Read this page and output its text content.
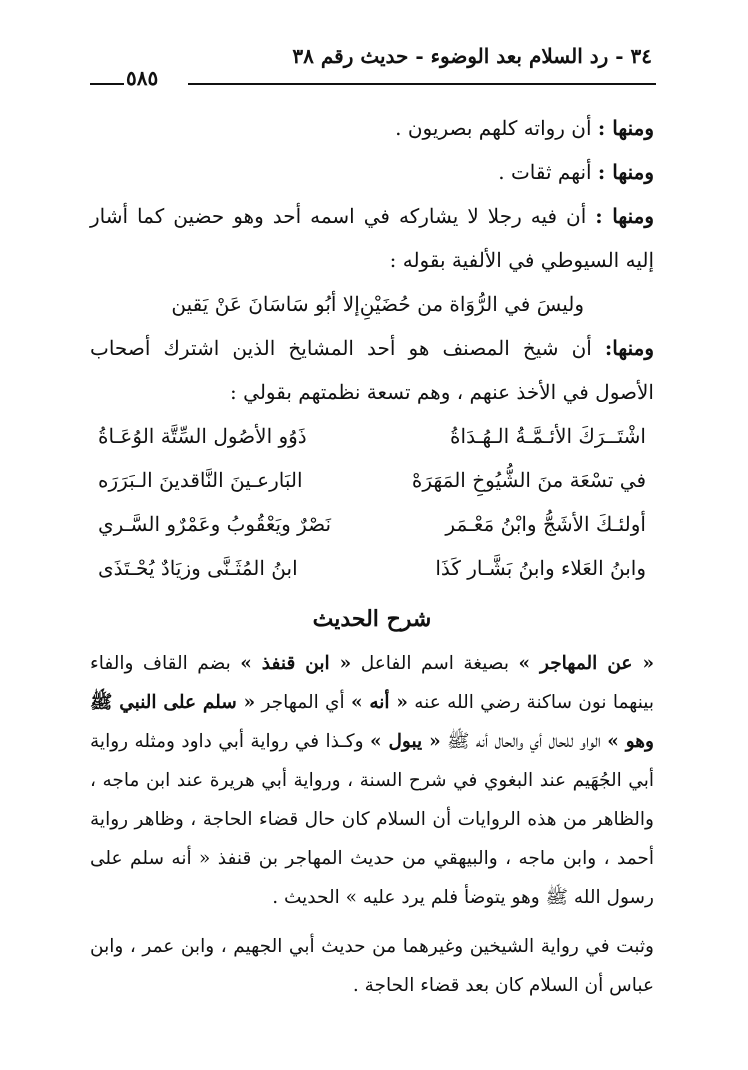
٣٤ - رد السلام بعد الوضوء - حديث رقم ٣٨
٥٨٥

ومنها : أن رواته كلهم بصريون .

ومنها : أنهم ثقات .

ومنها : أن فيه رجلا لا يشاركه في اسمه أحد وهو حضين كما أشار إليه السيوطي في الألفية بقوله :

وليسَ في الرُّوَاة من حُضَيْنِ
إلا أبُو سَاسَانَ عَنْ يَقين

ومنها: أن شيخ المصنف هو أحد المشايخ الذين اشترك أصحاب الأصول في الأخذ عنهم ، وهم تسعة نظمتهم بقولي :

اشْتَــرَكَ الأئـمَّـةُ الـهُـدَاةُ
ذَوُو الأصُول السِّتَّة الوُعَـاةُ
في تسْعَة منَ الشُّيُوخِ المَهَرَهْ
البَارعـينَ النَّاقدينَ الـبَرَرَه
أولئـكَ الأشَجُّ وابْنُ مَعْـمَر
نَصْرٌ ويَعْقُوبُ وعَمْرٌو السَّـري
وابنُ العَلاء وابنُ بَشَّـار كَذَا
ابنُ المُثَـنَّى وزيَادٌ يُحْـتَذَى
شرح الحديث

« عن المهاجر » بصيغة اسم الفاعل « ابن قنفذ » بضم القاف والفاء بينهما نون ساكنة رضي الله عنه « أنه » أي المهاجر « سلم على النبي ﷺ وهو » الواو للحال أي والحال أنه ﷺ « يبول » وكـذا في رواية أبي داود ومثله رواية أبي الجُهَيم عند البغوي في شرح السنة ، ورواية أبي هريرة عند ابن ماجه ، والظاهر من هذه الروايات أن السلام كان حال قضاء الحاجة ، وظاهر رواية أحمد ، وابن ماجه ، والبيهقي من حديث المهاجر بن قنفذ « أنه سلم على رسول الله ﷺ وهو يتوضأ فلم يرد عليه » الحديث .

وثبت في رواية الشيخين وغيرهما من حديث أبي الجهيم ، وابن عمر ، وابن عباس أن السلام كان بعد قضاء الحاجة .
